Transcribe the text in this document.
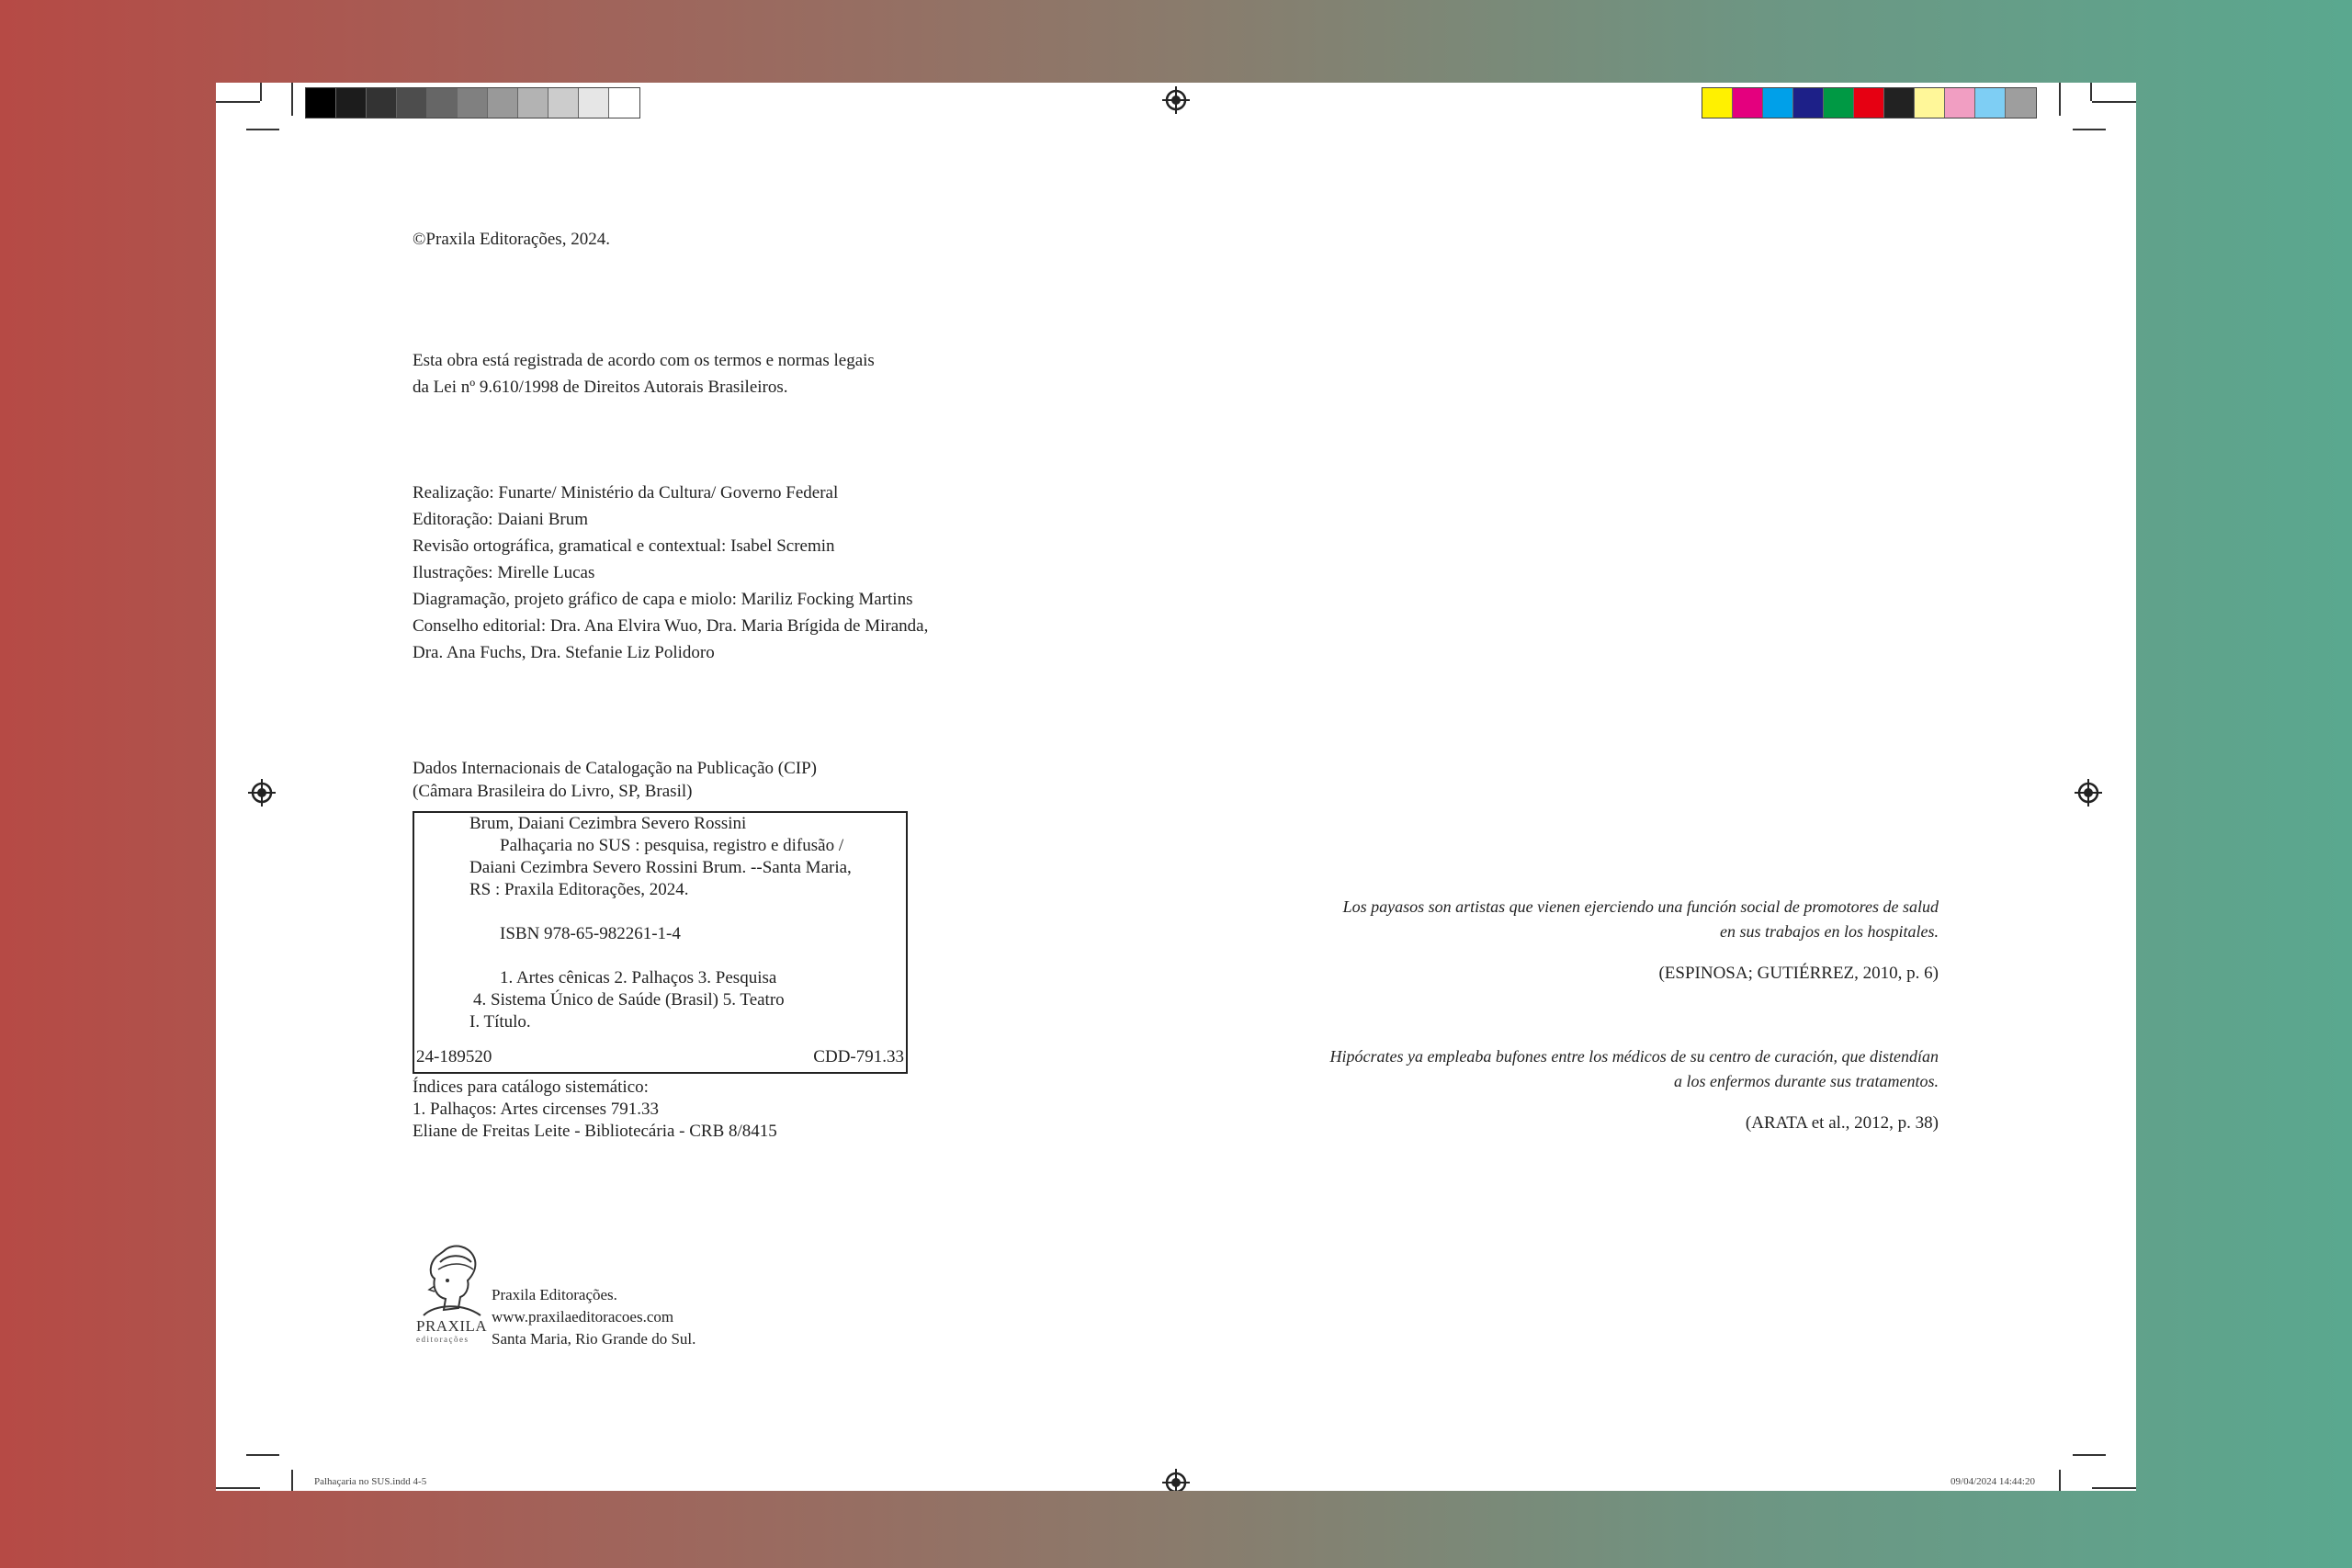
©Praxila Editorações, 2024.
Esta obra está registrada de acordo com os termos e normas legais
da Lei nº 9.610/1998 de Direitos Autorais Brasileiros.
Realização: Funarte/ Ministério da Cultura/ Governo Federal
Editoração: Daiani Brum
Revisão ortográfica, gramatical e contextual: Isabel Scremin
Ilustrações: Mirelle Lucas
Diagramação, projeto gráfico de capa e miolo: Mariliz Focking Martins
Conselho editorial: Dra. Ana Elvira Wuo, Dra. Maria Brígida de Miranda,
Dra. Ana Fuchs, Dra. Stefanie Liz Polidoro
Dados Internacionais de Catalogação na Publicação (CIP)
(Câmara Brasileira do Livro, SP, Brasil)
Brum, Daiani Cezimbra Severo Rossini
Palhaçaria no SUS : pesquisa, registro e difusão /
Daiani Cezimbra Severo Rossini Brum. --Santa Maria,
RS : Praxila Editorações, 2024.
ISBN 978-65-982261-1-4
1. Artes cênicas 2. Palhaços 3. Pesquisa
4. Sistema Único de Saúde (Brasil) 5. Teatro
I. Título.
24-189520	CDD-791.33
Índices para catálogo sistemático:
1. Palhaços: Artes circenses 791.33
Eliane de Freitas Leite - Bibliotecária - CRB 8/8415
PRAXILA
editorações
Praxila Editorações.
www.praxilaeditoracoes.com
Santa Maria, Rio Grande do Sul.
Los payasos son artistas que vienen ejerciendo una función social de promotores de salud
en sus trabajos en los hospitales.
(ESPINOSA; GUTIÉRREZ, 2010, p. 6)
Hipócrates ya empleaba bufones entre los médicos de su centro de curación, que distendían
a los enfermos durante sus tratamentos.
(ARATA et al., 2012, p. 38)
Palhaçaria no SUS.indd 4-5	09/04/2024 14:44:20
